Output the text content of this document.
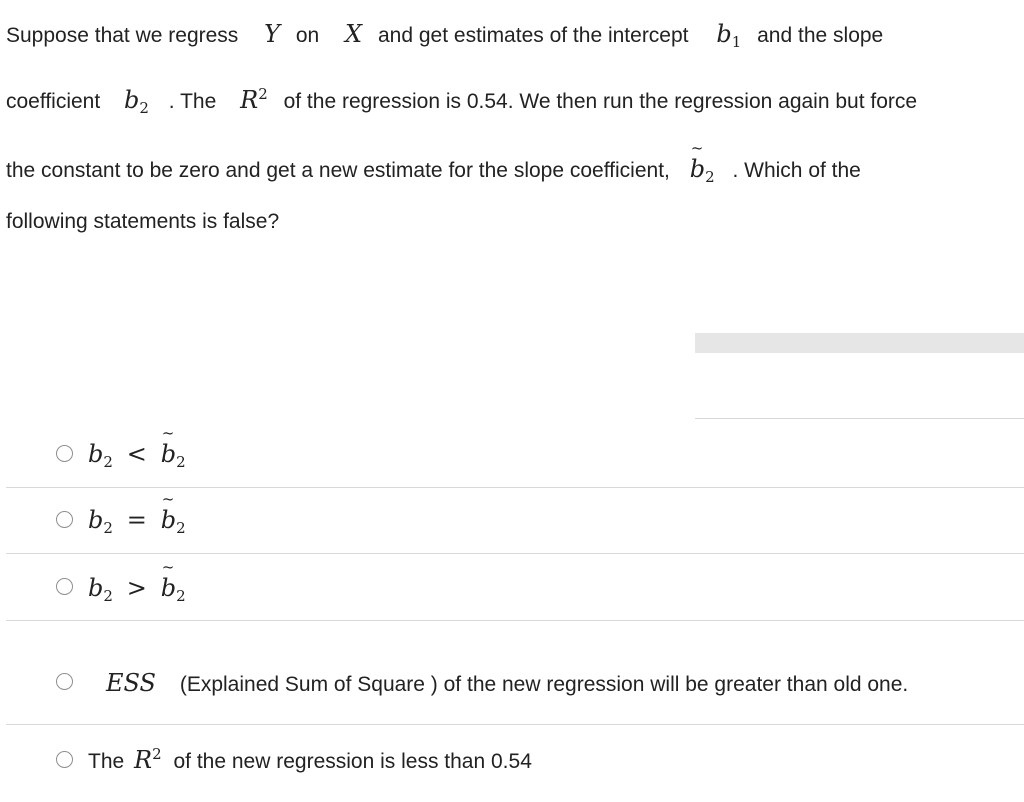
Suppose that we regress Y on X and get estimates of the intercept $b_1$ and the slope
coefficient $b_2$ . The $R^2$ of the regression is 0.54. We then run the regression again but force
the constant to be zero and get a new estimate for the slope coefficient, ~ $b_2$ . Which of the
following statements is false?
$b_2$ < ~ $b_2$
$b_2$ = ~ $b_2$
$b_2$ > ~ $b_2$
ESS (Explained Sum of Square ) of the new regression will be greater than old one.
The $R^2$ of the new regression is less than 0.54
